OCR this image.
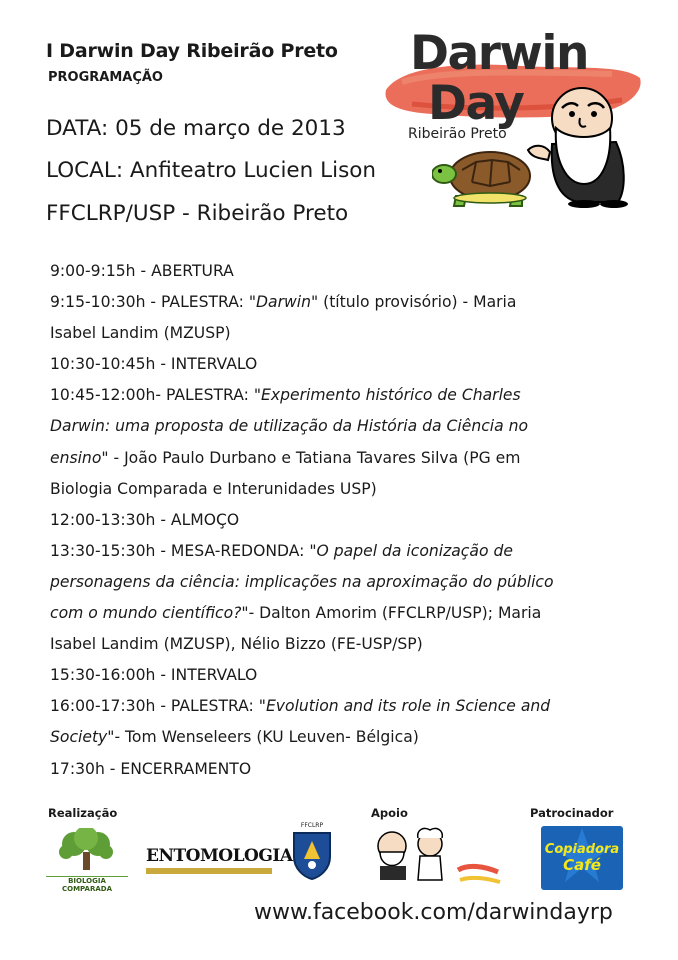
I Darwin Day Ribeirão Preto
PROGRAMAÇÃO
DATA: 05 de março de 2013
LOCAL: Anfiteatro Lucien Lison
FFCLRP/USP - Ribeirão Preto
Darwin
Day
Ribeirão Preto
9:00-9:15h - ABERTURA
9:15-10:30h - PALESTRA: "Darwin" (título provisório) - Maria
Isabel Landim (MZUSP)
10:30-10:45h - INTERVALO
10:45-12:00h- PALESTRA: "Experimento histórico de Charles
Darwin: uma proposta de utilização da História da Ciência no
ensino" - João Paulo Durbano e Tatiana Tavares Silva (PG em
Biologia Comparada e Interunidades USP)
12:00-13:30h - ALMOÇO
13:30-15:30h - MESA-REDONDA: "O papel da iconização de
personagens da ciência: implicações na aproximação do público
com o mundo científico?"- Dalton Amorim (FFCLRP/USP); Maria
Isabel Landim (MZUSP), Nélio Bizzo (FE-USP/SP)
15:30-16:00h - INTERVALO
16:00-17:30h - PALESTRA: "Evolution and its role in Science and
Society"- Tom Wenseleers (KU Leuven- Bélgica)
17:30h - ENCERRAMENTO
Realização	Apoio	Patrocinador
BIOLOGIA COMPARADA
ENTOMOLOGIA
FFCLRP
Copiadora
Café
www.facebook.com/darwindayrp
